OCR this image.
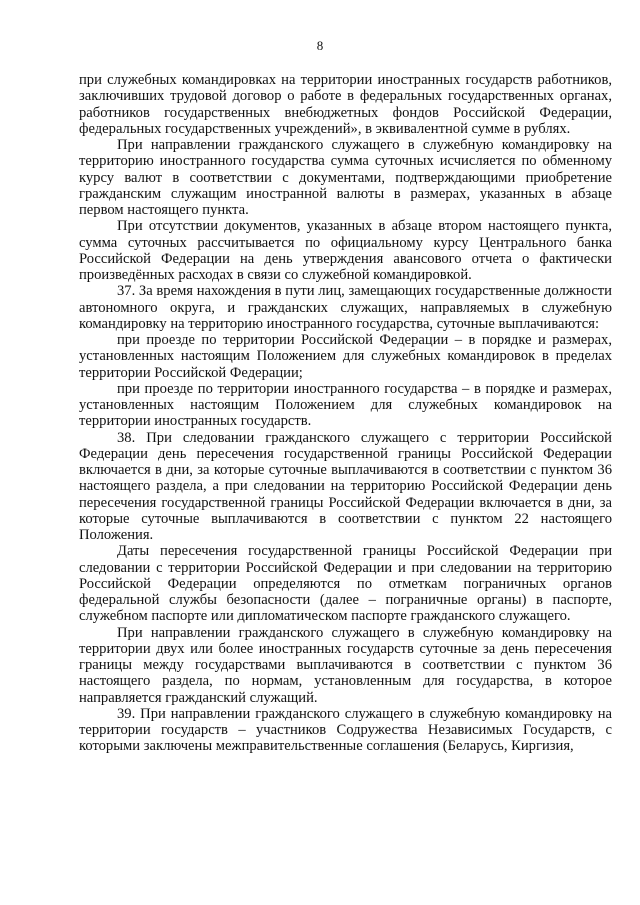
8

при служебных командировках на территории иностранных государств работников, заключивших трудовой договор о работе в федеральных государственных органах, работников государственных внебюджетных фондов Российской Федерации, федеральных государственных учреждений», в эквивалентной сумме в рублях.

При направлении гражданского служащего в служебную командировку на территорию иностранного государства сумма суточных исчисляется по обменному курсу валют в соответствии с документами, подтверждающими приобретение гражданским служащим иностранной валюты в размерах, указанных в абзаце первом настоящего пункта.

При отсутствии документов, указанных в абзаце втором настоящего пункта, сумма суточных рассчитывается по официальному курсу Центрального банка Российской Федерации на день утверждения авансового отчета о фактически произведённых расходах в связи со служебной командировкой.

37. За время нахождения в пути лиц, замещающих государственные должности автономного округа, и гражданских служащих, направляемых в служебную командировку на территорию иностранного государства, суточные выплачиваются:

при проезде по территории Российской Федерации – в порядке и размерах, установленных настоящим Положением для служебных командировок в пределах территории Российской Федерации;

при проезде по территории иностранного государства – в порядке и размерах, установленных настоящим Положением для служебных командировок на территории иностранных государств.

38. При следовании гражданского служащего с территории Российской Федерации день пересечения государственной границы Российской Федерации включается в дни, за которые суточные выплачиваются в соответствии с пунктом 36 настоящего раздела, а при следовании на территорию Российской Федерации день пересечения государственной границы Российской Федерации включается в дни, за которые суточные выплачиваются в соответствии с пунктом 22 настоящего Положения.

Даты пересечения государственной границы Российской Федерации при следовании с территории Российской Федерации и при следовании на территорию Российской Федерации определяются по отметкам пограничных органов федеральной службы безопасности (далее – пограничные органы) в паспорте, служебном паспорте или дипломатическом паспорте гражданского служащего.

При направлении гражданского служащего в служебную командировку на территории двух или более иностранных государств суточные за день пересечения границы между государствами выплачиваются в соответствии с пунктом 36 настоящего раздела, по нормам, установленным для государства, в которое направляется гражданский служащий.

39. При направлении гражданского служащего в служебную командировку на территории государств – участников Содружества Независимых Государств, с которыми заключены межправительственные соглашения (Беларусь, Киргизия,
